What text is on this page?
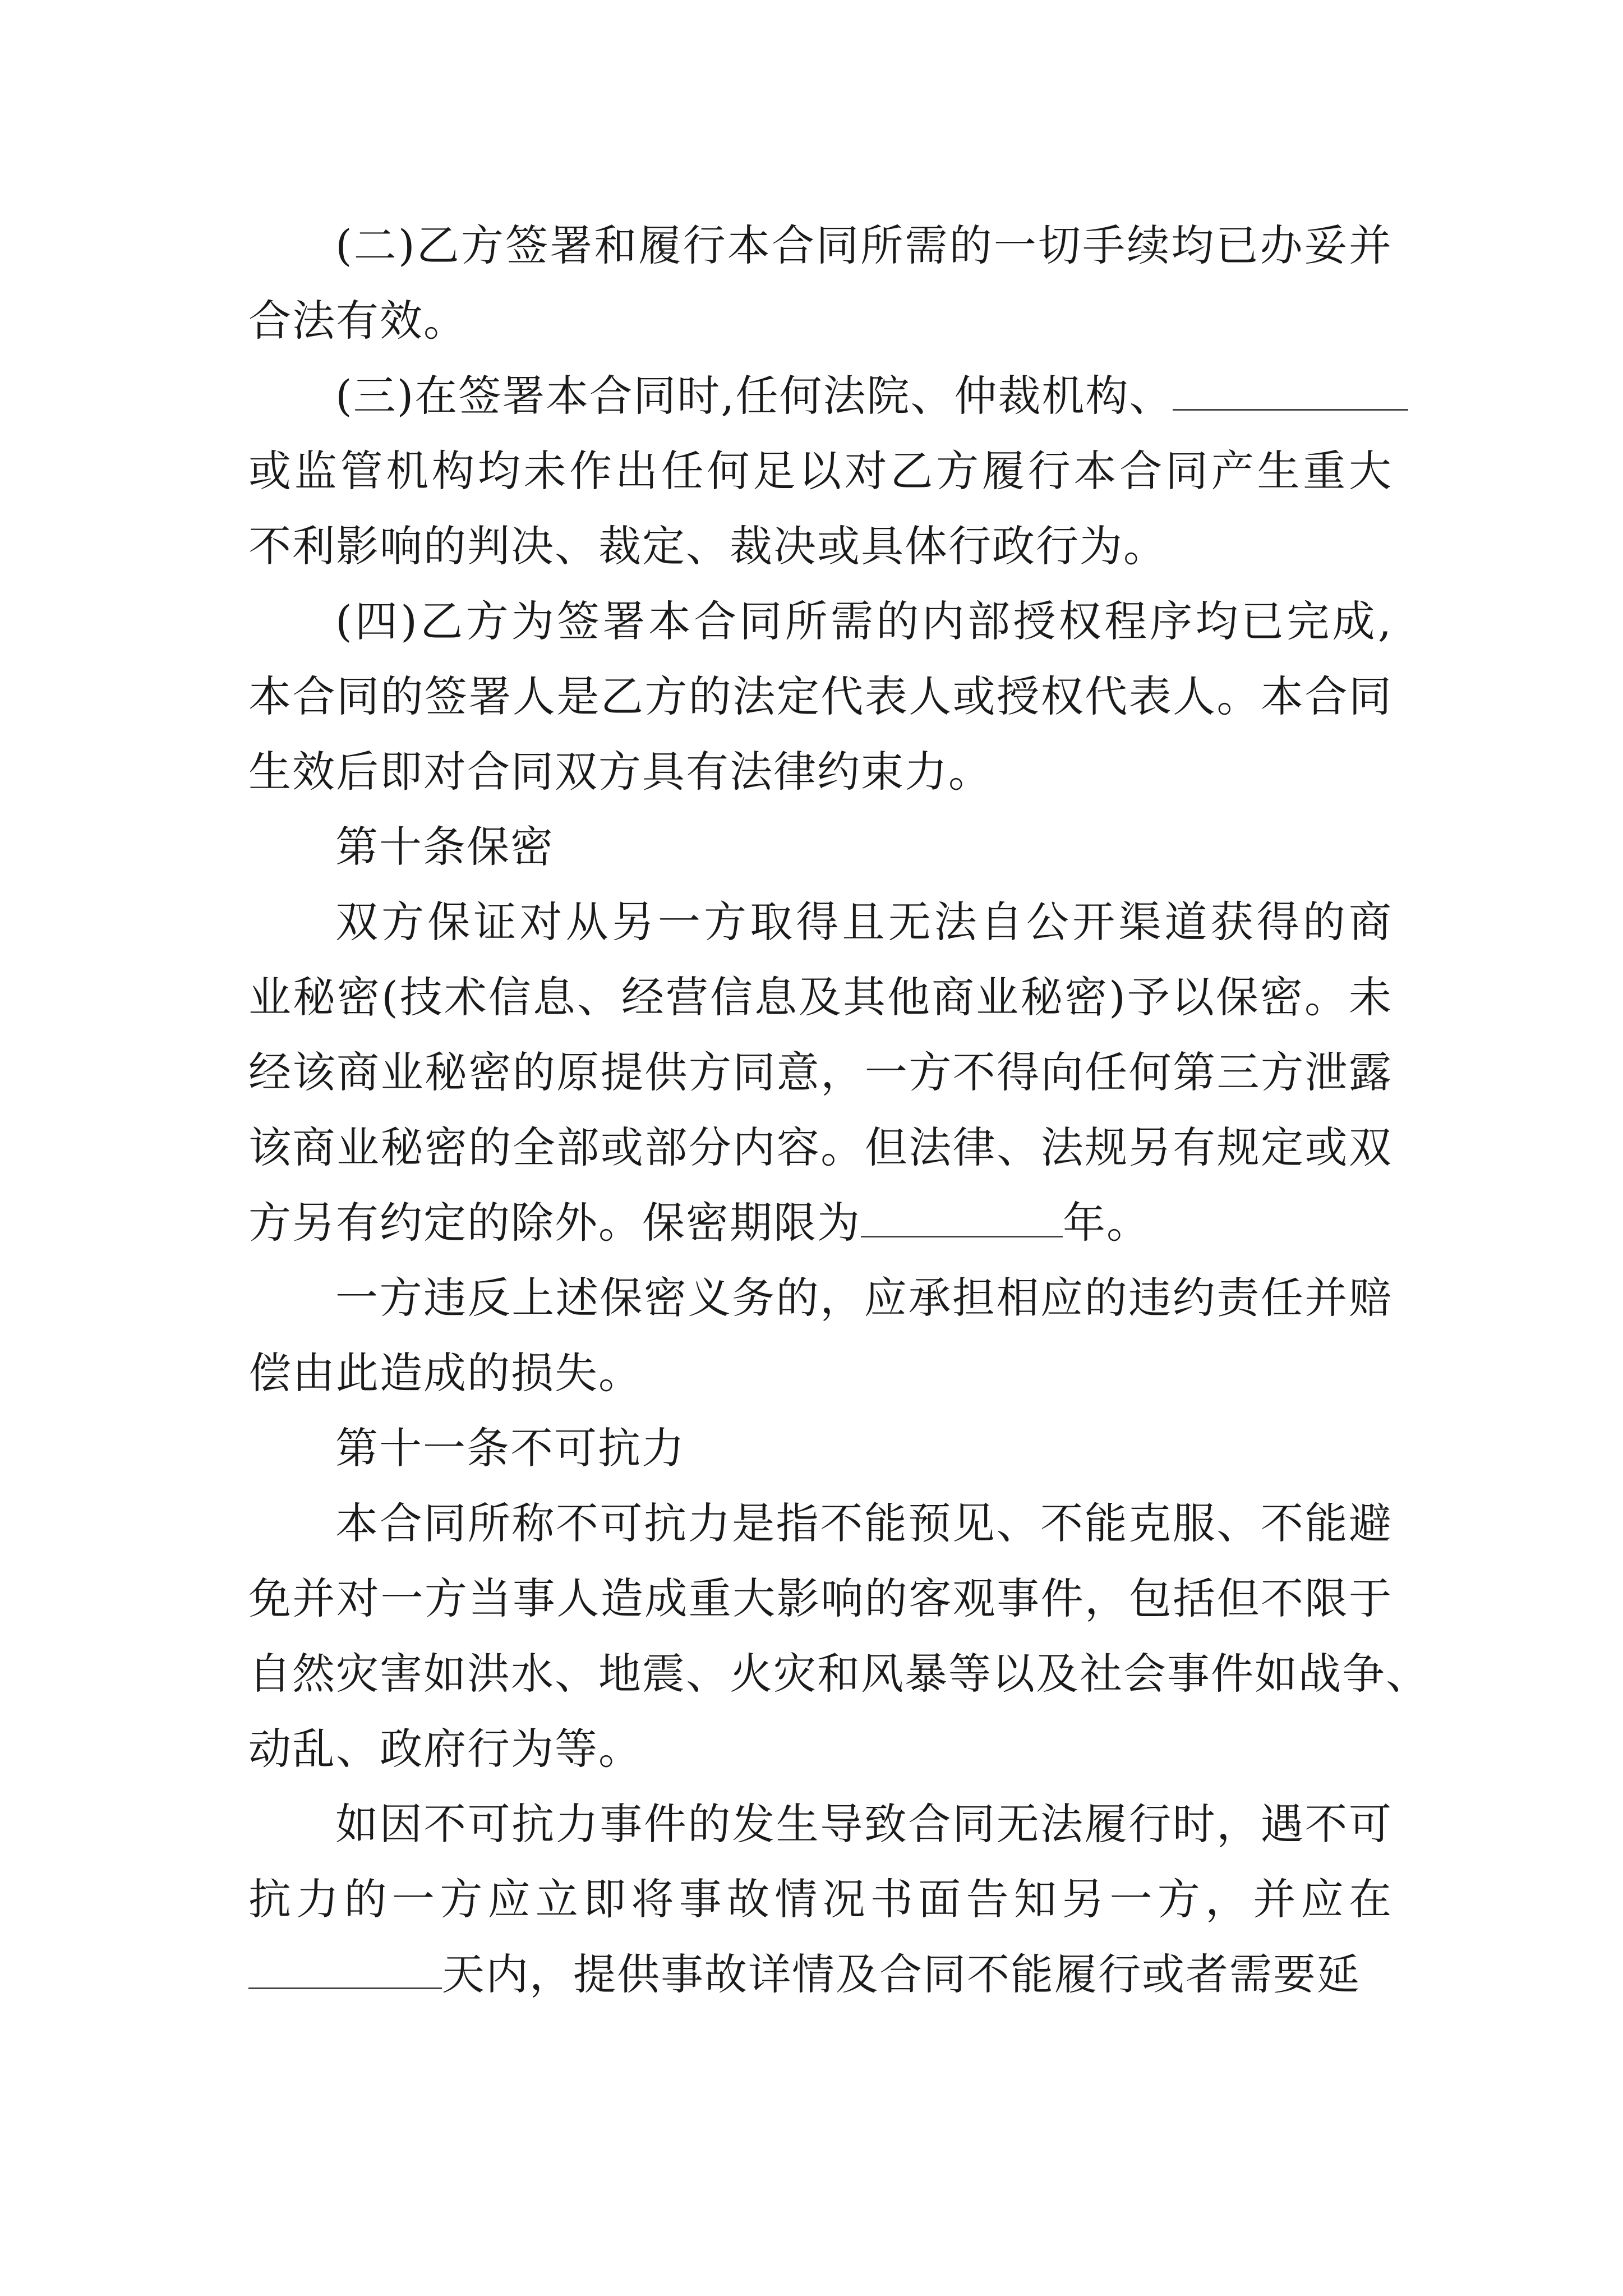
(二)乙方签署和履行本合同所需的一切手续均已办妥并
合法有效。
(三)在签署本合同时,任何法院、仲裁机构、
或监管机构均未作出任何足以对乙方履行本合同产生重大
不利影响的判决、裁定、裁决或具体行政行为。
(四)乙方为签署本合同所需的内部授权程序均已完成,
本合同的签署人是乙方的法定代表人或授权代表人。本合同
生效后即对合同双方具有法律约束力。
第十条保密
双方保证对从另一方取得且无法自公开渠道获得的商
业秘密(技术信息、经营信息及其他商业秘密)予以保密。未
经该商业秘密的原提供方同意，一方不得向任何第三方泄露
该商业秘密的全部或部分内容。但法律、法规另有规定或双
方另有约定的除外。保密期限为	年。
一方违反上述保密义务的，应承担相应的违约责任并赔
偿由此造成的损失。
第十一条不可抗力
本合同所称不可抗力是指不能预见、不能克服、不能避
免并对一方当事人造成重大影响的客观事件，包括但不限于
自然灾害如洪水、地震、火灾和风暴等以及社会事件如战争、
动乱、政府行为等。
如因不可抗力事件的发生导致合同无法履行时，遇不可
抗力的一方应立即将事故情况书面告知另一方，并应在
天内，提供事故详情及合同不能履行或者需要延
